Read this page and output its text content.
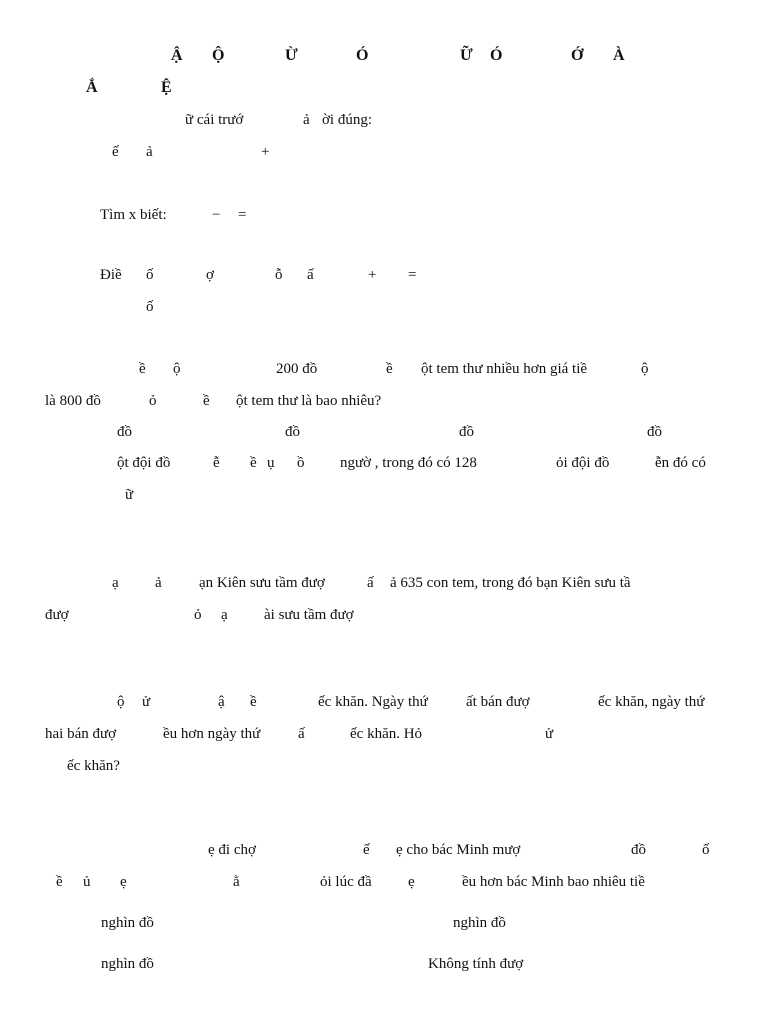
Ậ Ộ	Ừ	Ó	Ữ Ó	Ớ À
Ắ	Ệ
ữ cái trướ	ả ời đúng:
ế ả	+
Tìm x biết:	− =
Điề ố	ợ	ỗ ấ	+ =
ố
ề ộ	200 đồ	ề ột tem thư nhiều hơn giá tiề	ộ
là 800 đồ	ỏ	ề ột tem thư là bao nhiêu?
đồ	đồ	đồ	đồ
ột đội đồ	ễ ề ụ ồ ngườ , trong đó có 128	ỏi đội đồ	ễn đó có
ữ
ạ ả ạn Kiên sưu tầm đượ	ấ ả 635 con tem, trong đó bạn Kiên sưu tầ
đượ	ỏ ạ ài sưu tầm đượ
ộ ử	ậ ề	ếc khăn. Ngày thứ	ất bán đượ	ếc khăn, ngày thứ
hai bán đượ	ều hơn ngày thứ	ấ	ếc khăn. Hỏ	ử
ếc khăn?
ẹ đi chợ	ế ẹ cho bác Minh mượ	đồ	ố
ề ủ ẹ	ằ	ỏi lúc đầ ẹ	ều hơn bác Minh bao nhiêu tiề
nghìn đồ	nghìn đồ
nghìn đồ	Không tính đượ
